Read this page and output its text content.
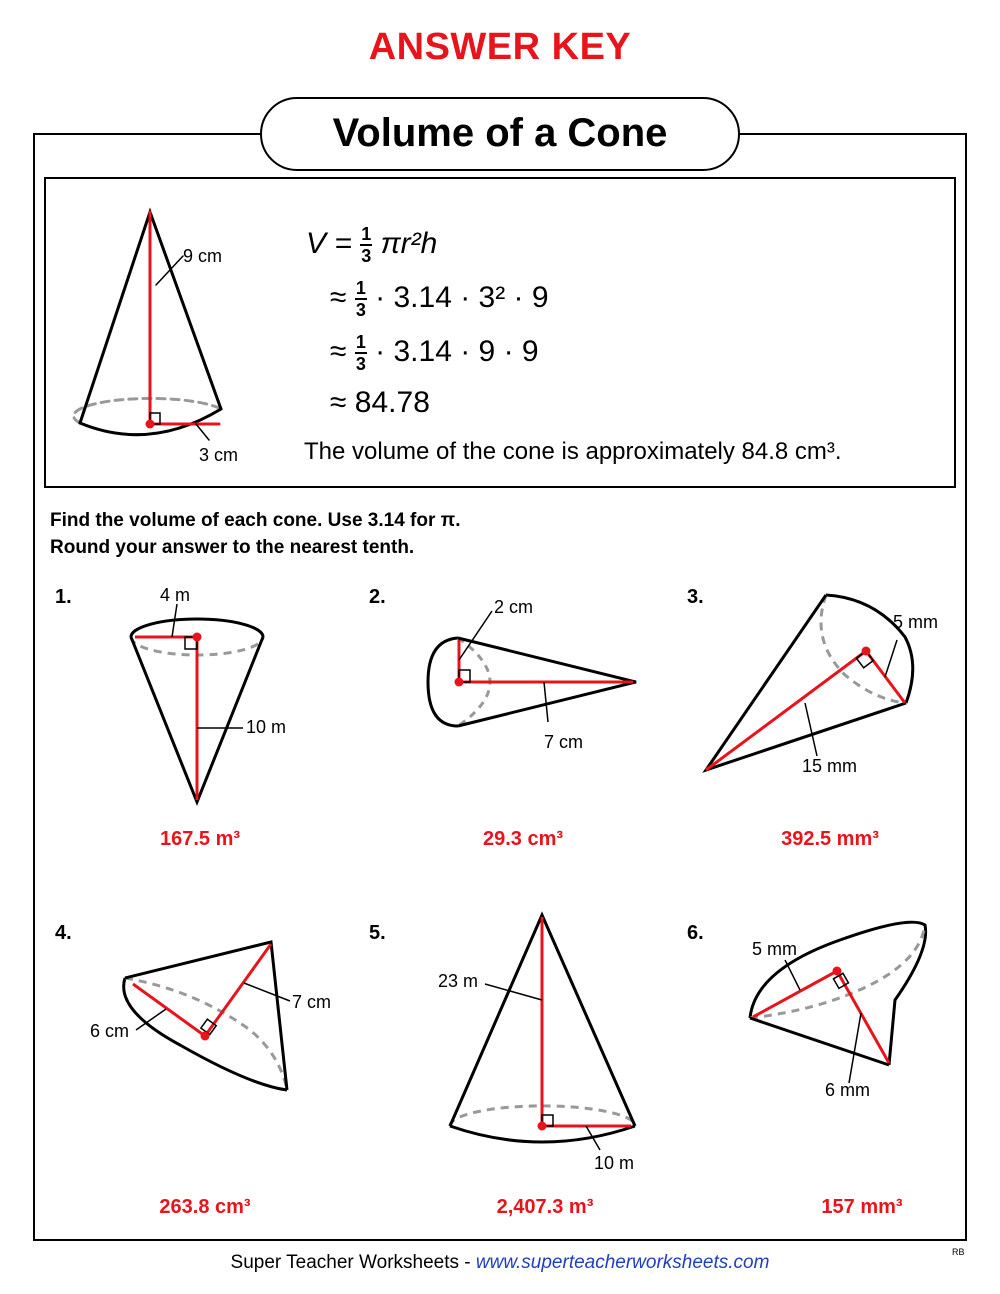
ANSWER KEY
Volume of a Cone
9 cm
3 cm
$V = \frac{1}{3} \pi r^2h$
≈ $\frac{1}{3} \cdot 3.14 \cdot 3^2 \cdot 9$
≈ $\frac{1}{3} \cdot 3.14 \cdot 9 \cdot 9$
≈ 84.78
The volume of the cone is approximately 84.8 cm³.
Find the volume of each cone. Use 3.14 for π.
Round your answer to the nearest tenth.
1.	2.	3.
4.	5.	6.
4 m
10 m
2 cm
7 cm
5 mm
15 mm
7 cm
6 cm
23 m
10 m
5 mm
6 mm
167.5 m³	29.3 cm³	392.5 mm³
263.8 cm³	2,407.3 m³	157 mm³
Super Teacher Worksheets - www.superteacherworksheets.com	RB
